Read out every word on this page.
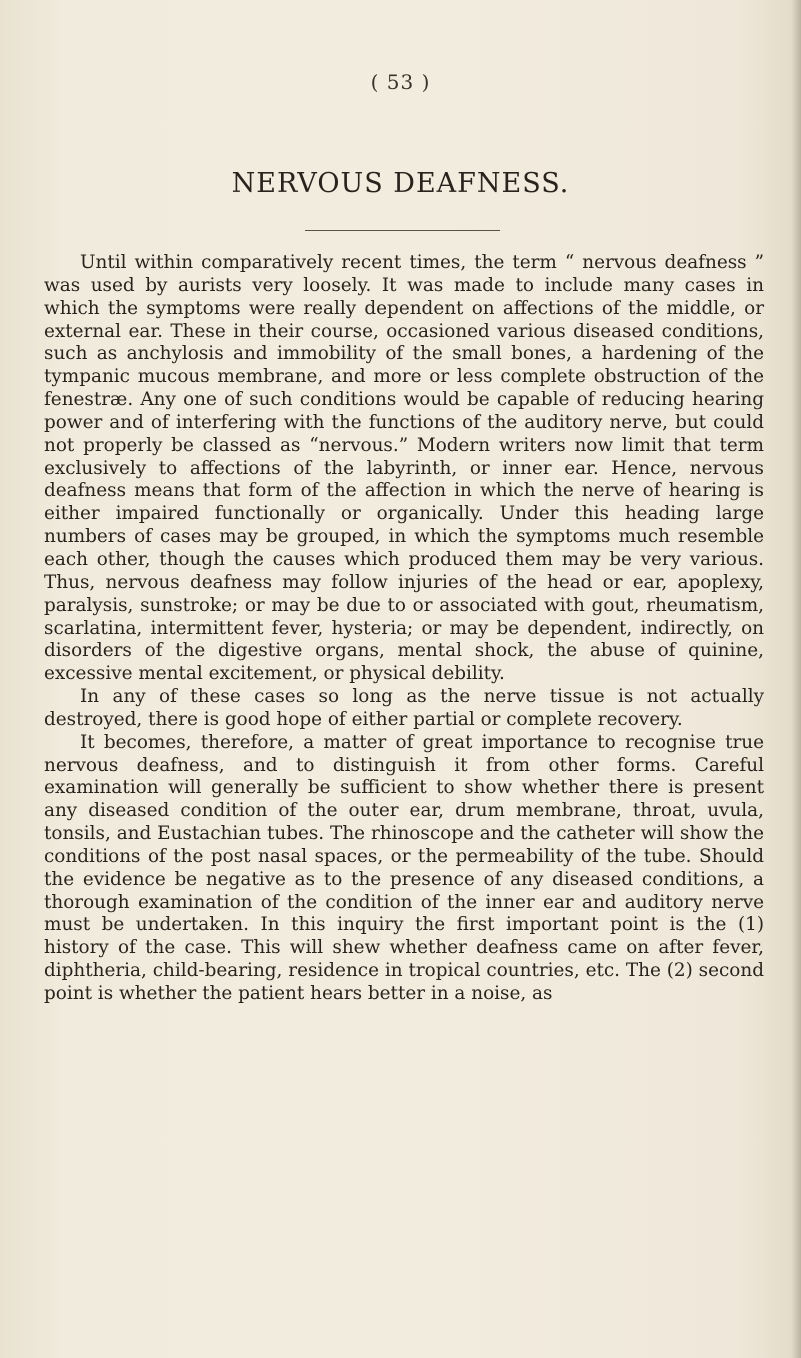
( 53 )
NERVOUS DEAFNESS.

Until within comparatively recent times, the term “ nervous deafness ” was used by aurists very loosely. It was made to include many cases in which the symptoms were really dependent on affections of the middle, or external ear. These in their course, occasioned various diseased conditions, such as anchylosis and immobility of the small bones, a hardening of the tympanic mucous membrane, and more or less complete obstruction of the fenestræ. Any one of such conditions would be capable of reducing hearing power and of interfering with the functions of the auditory nerve, but could not properly be classed as “nervous.” Modern writers now limit that term exclusively to affections of the labyrinth, or inner ear. Hence, nervous deafness means that form of the affection in which the nerve of hearing is either impaired functionally or organically. Under this heading large numbers of cases may be grouped, in which the symptoms much resemble each other, though the causes which produced them may be very various. Thus, nervous deafness may follow injuries of the head or ear, apoplexy, paralysis, sunstroke; or may be due to or associated with gout, rheumatism, scarlatina, intermittent fever, hysteria; or may be dependent, indirectly, on disorders of the digestive organs, mental shock, the abuse of quinine, excessive mental excitement, or physical debility.

In any of these cases so long as the nerve tissue is not actually destroyed, there is good hope of either partial or complete recovery.

It becomes, therefore, a matter of great importance to recognise true nervous deafness, and to distinguish it from other forms. Careful examination will generally be sufficient to show whether there is present any diseased condition of the outer ear, drum membrane, throat, uvula, tonsils, and Eustachian tubes. The rhinoscope and the catheter will show the conditions of the post nasal spaces, or the permeability of the tube. Should the evidence be negative as to the presence of any diseased conditions, a thorough examination of the condition of the inner ear and auditory nerve must be undertaken. In this inquiry the first important point is the (1) history of the case. This will shew whether deafness came on after fever, diphtheria, child-bearing, residence in tropical countries, etc. The (2) second point is whether the patient hears better in a noise, as
